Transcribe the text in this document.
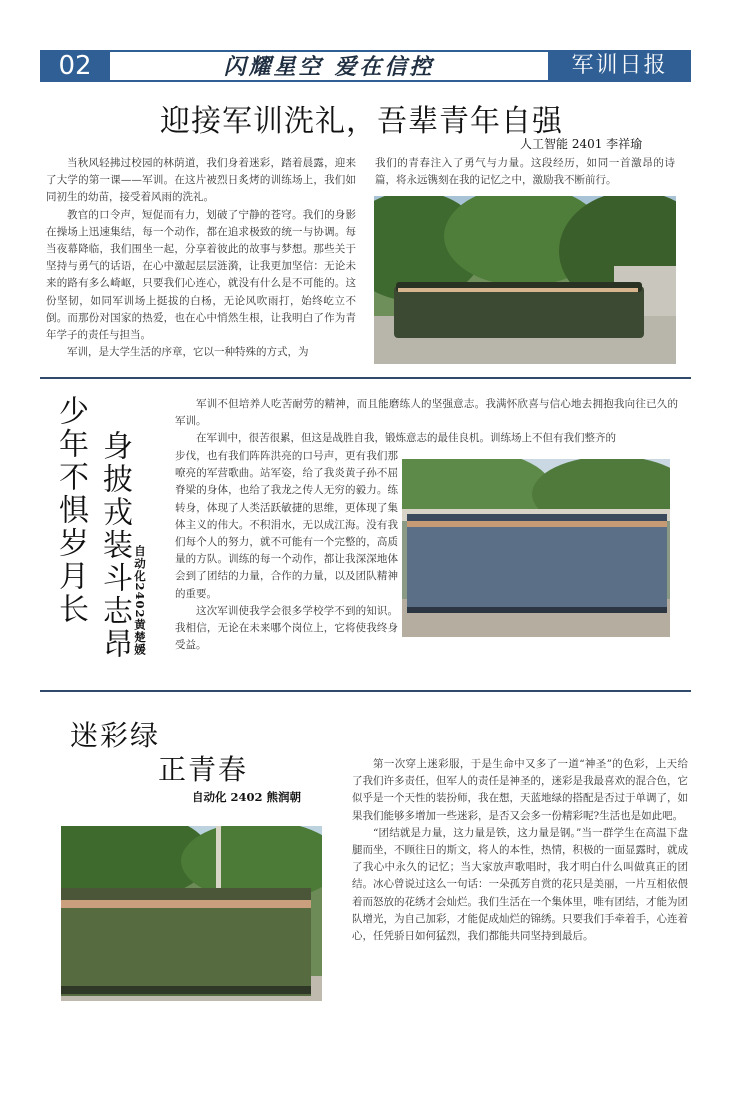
02	闪耀星空 爱在信控	军训日报
迎接军训洗礼，吾辈青年自强
人工智能 2401 李祥瑜

当秋风轻拂过校园的林荫道，我们身着迷彩，踏着晨露，迎来了大学的第一课——军训。在这片被烈日炙烤的训练场上，我们如同初生的幼苗，接受着风雨的洗礼。

教官的口令声，短促而有力，划破了宁静的苍穹。我们的身影在操场上迅速集结，每一个动作，都在追求极致的统一与协调。每当夜幕降临，我们围坐一起，分享着彼此的故事与梦想。那些关于坚持与勇气的话语，在心中激起层层涟漪，让我更加坚信：无论未来的路有多么崎岖，只要我们心连心，就没有什么是不可能的。这份坚韧，如同军训场上挺拔的白杨，无论风吹雨打，始终屹立不倒。而那份对国家的热爱，也在心中悄然生根，让我明白了作为青年学子的责任与担当。

军训，是大学生活的序章，它以一种特殊的方式，为

我们的青春注入了勇气与力量。这段经历，如同一首激昂的诗篇，将永远镌刻在我的记忆之中，激励我不断前行。

少年不惧岁月长 身披戎装斗志昂 自动化2402黄楚媛

军训不但培养人吃苦耐劳的精神，而且能磨练人的坚强意志。我满怀欣喜与信心地去拥抱我向往已久的军训。

在军训中，很苦很累，但这是战胜自我，锻炼意志的最佳良机。训练场上不但有我们整齐的

步伐，也有我们阵阵洪亮的口号声，更有我们那嘹亮的军营歌曲。站军姿，给了我炎黄子孙不屈脊梁的身体，也给了我龙之传人无穷的毅力。练转身，体现了人类活跃敏捷的思维，更体现了集体主义的伟大。不积涓水，无以成江海。没有我们每个人的努力，就不可能有一个完整的，高质量的方队。训练的每一个动作，都让我深深地体会到了团结的力量，合作的力量，以及团队精神的重要。

这次军训使我学会很多学校学不到的知识。我相信，无论在未来哪个岗位上，它将使我终身受益。

迷彩绿
正青春
自动化 2402 熊润朝

第一次穿上迷彩服，于是生命中又多了一道“神圣”的色彩，上天给了我们许多责任，但军人的责任是神圣的，迷彩是我最喜欢的混合色，它似乎是一个天性的装扮师，我在想，天蓝地绿的搭配是否过于单调了，如果我们能够多增加一些迷彩，是否又会多一份精彩呢?生活也是如此吧。

“团结就是力量，这力量是铁，这力量是钢。”当一群学生在高温下盘腿而坐，不顾往日的斯文，将人的本性，热情，积极的一面显露时，就成了我心中永久的记忆；当大家放声歌唱时，我才明白什么叫做真正的团结。冰心曾说过这么一句话：一朵孤芳自赏的花只是美丽，一片互相依偎着而怒放的花绣才会灿烂。我们生活在一个集体里，唯有团结，才能为团队增光，为自己加彩，才能促成灿烂的锦绣。只要我们手牵着手，心连着心，任凭骄日如何猛烈，我们都能共同坚持到最后。
